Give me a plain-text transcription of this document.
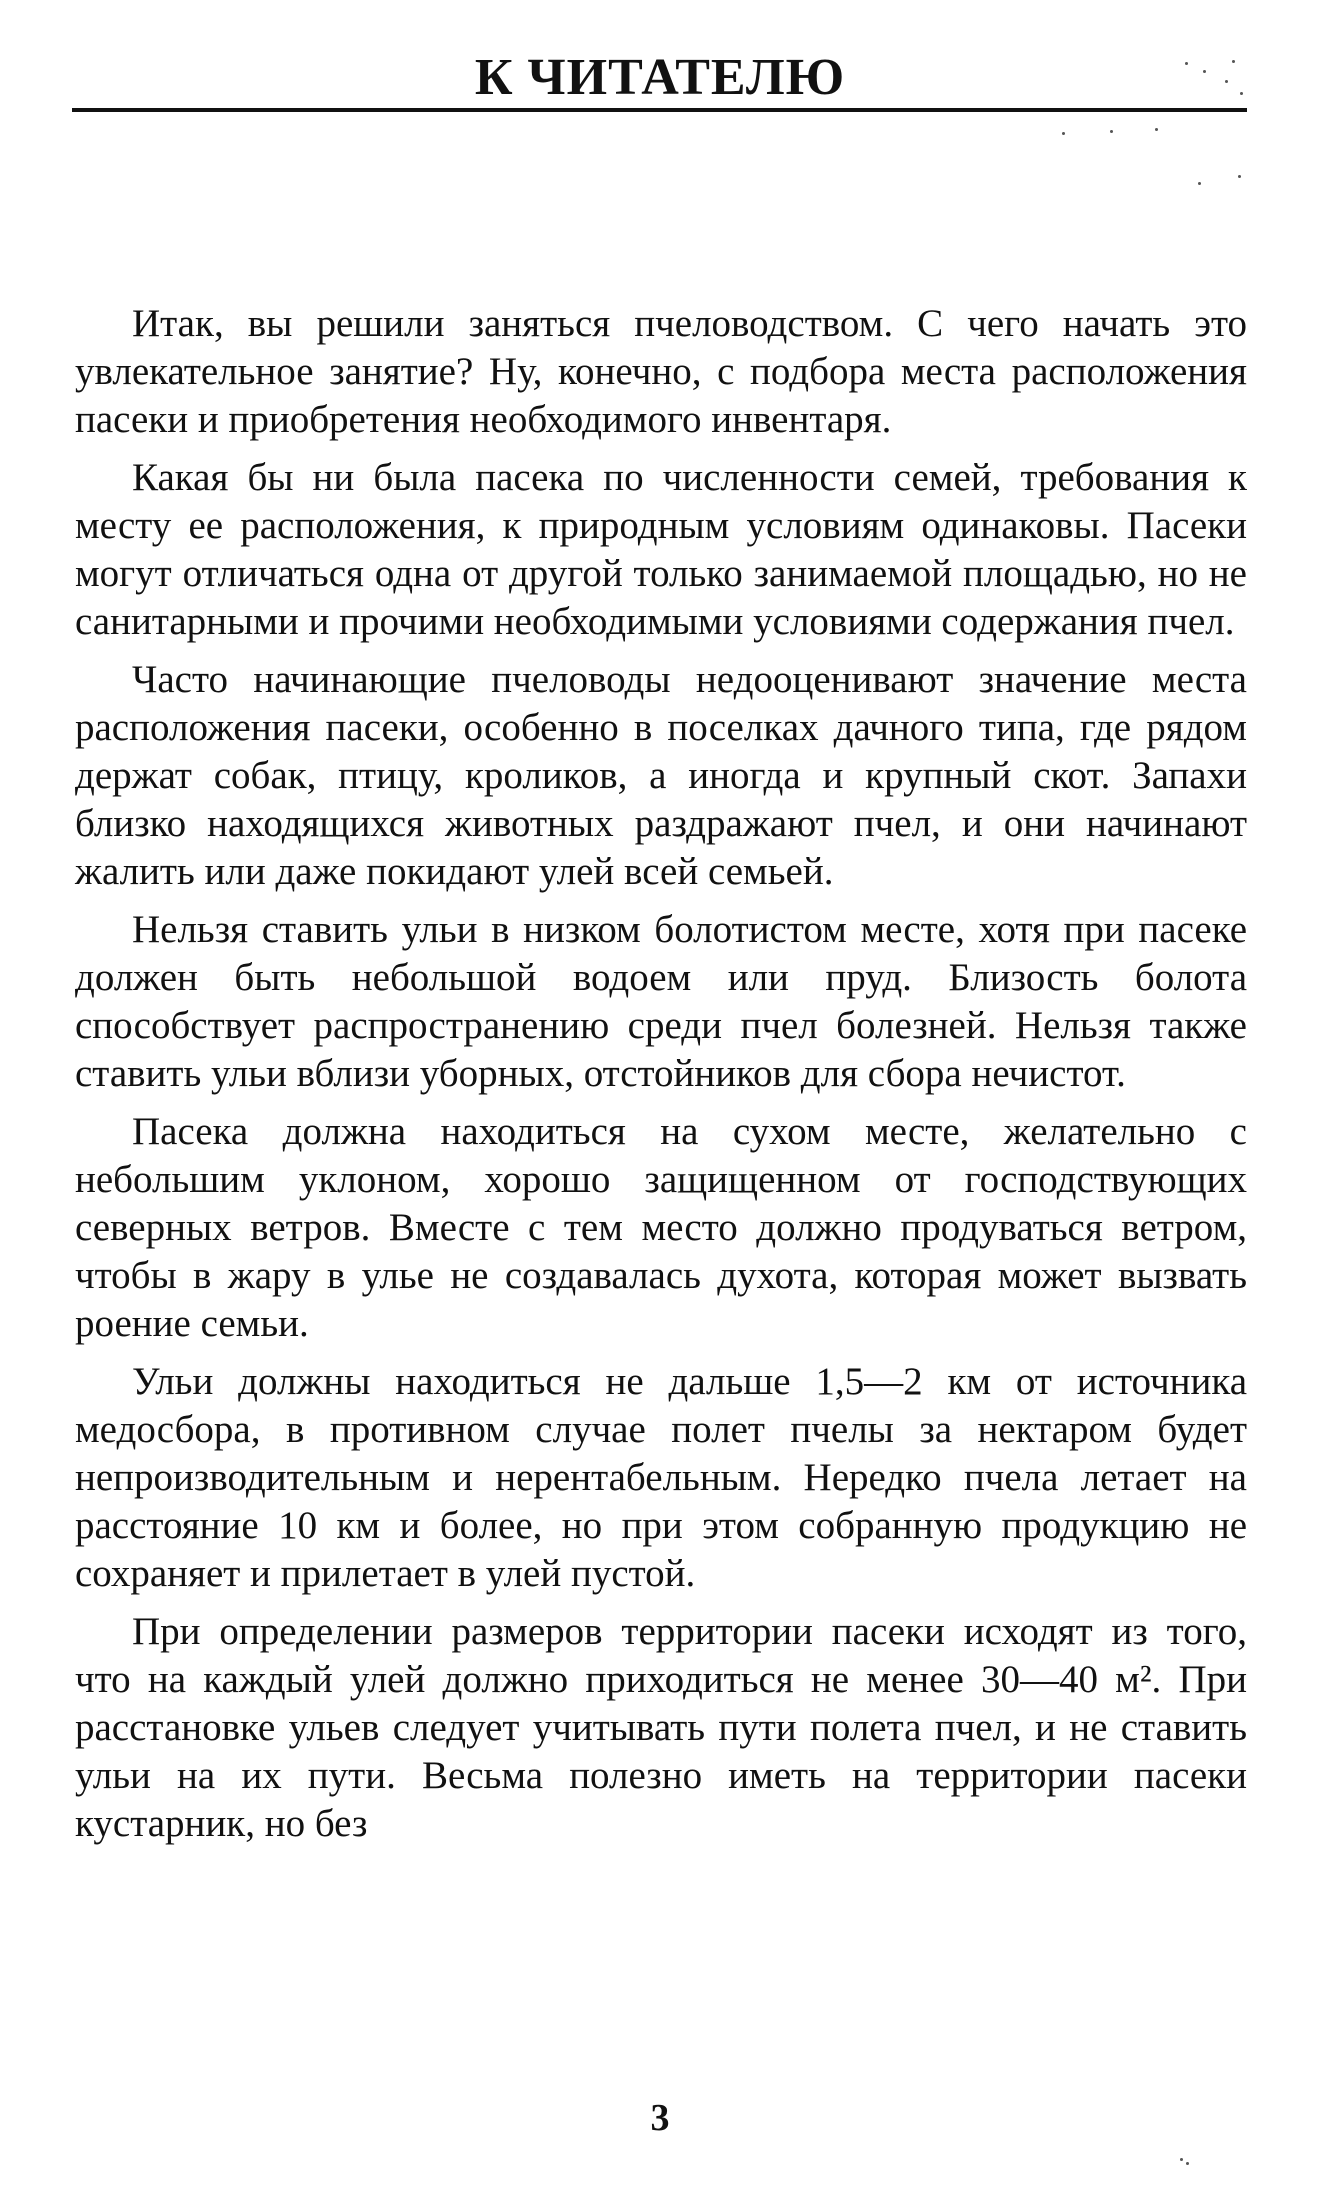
К ЧИТАТЕЛЮ

Итак, вы решили заняться пчеловодством. С чего начать это увлекательное занятие? Ну, конечно, с подбора места расположения пасеки и приобретения необходимого инвентаря.

Какая бы ни была пасека по численности семей, требования к месту ее расположения, к природным условиям одинаковы. Пасеки могут отличаться одна от другой только занимаемой площадью, но не санитарными и прочими необходимыми условиями содержания пчел.

Часто начинающие пчеловоды недооценивают значение места расположения пасеки, особенно в поселках дачного типа, где рядом держат собак, птицу, кроликов, а иногда и крупный скот. Запахи близко находящихся животных раздражают пчел, и они начинают жалить или даже покидают улей всей семьей.

Нельзя ставить ульи в низком болотистом месте, хотя при пасеке должен быть небольшой водоем или пруд. Близость болота способствует распространению среди пчел болезней. Нельзя также ставить ульи вблизи уборных, отстойников для сбора нечистот.

Пасека должна находиться на сухом месте, желательно с небольшим уклоном, хорошо защищенном от господствующих северных ветров. Вместе с тем место должно продуваться ветром, чтобы в жару в улье не создавалась духота, которая может вызвать роение семьи.

Ульи должны находиться не дальше 1,5—2 км от источника медосбора, в противном случае полет пчелы за нектаром будет непроизводительным и нерентабельным. Нередко пчела летает на расстояние 10 км и более, но при этом собранную продукцию не сохраняет и прилетает в улей пустой.

При определении размеров территории пасеки исходят из того, что на каждый улей должно приходиться не менее 30—40 м². При расстановке ульев следует учитывать пути полета пчел, и не ставить ульи на их пути. Весьма полезно иметь на территории пасеки кустарник, но без

3
